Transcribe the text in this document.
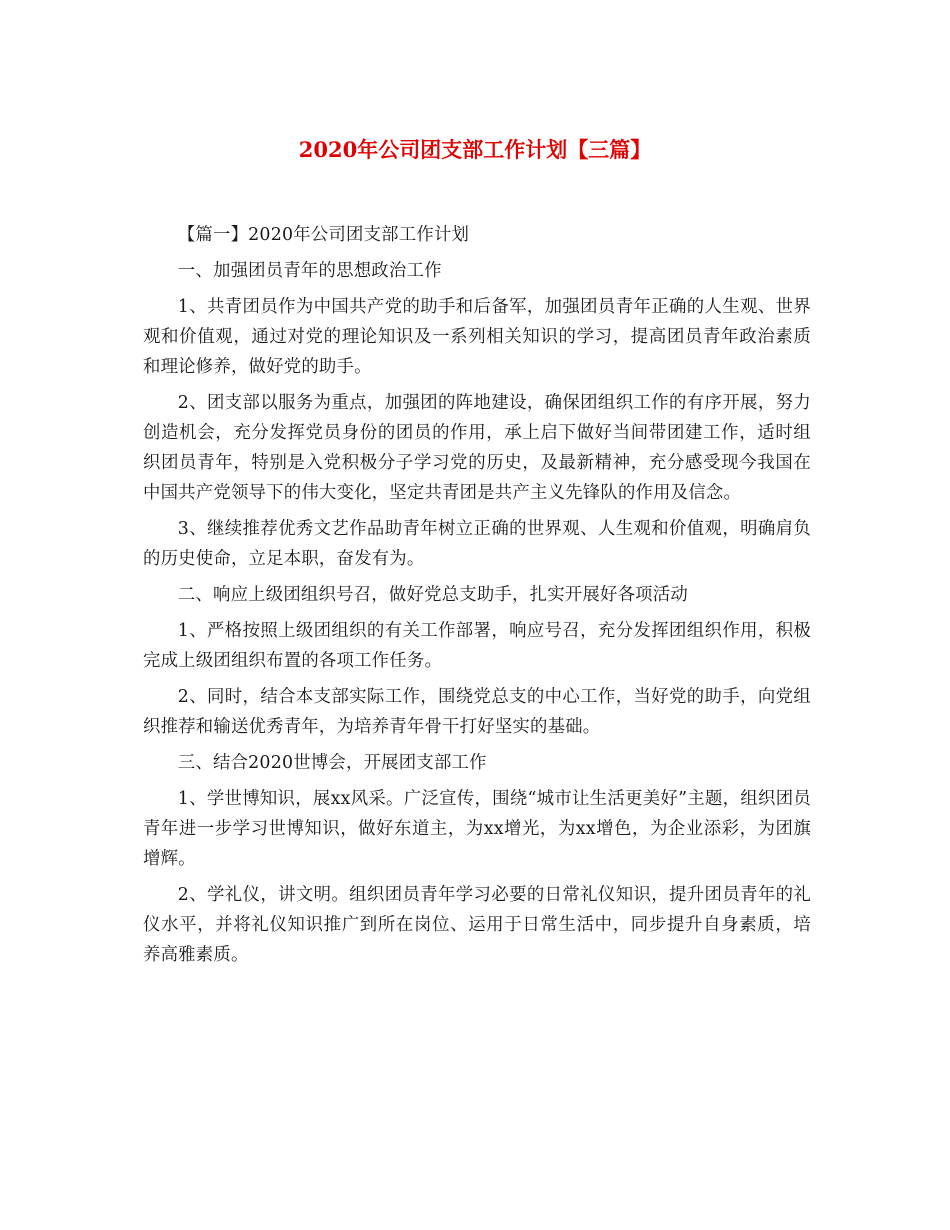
2020年公司团支部工作计划【三篇】

【篇一】2020年公司团支部工作计划

一、加强团员青年的思想政治工作

1、共青团员作为中国共产党的助手和后备军，加强团员青年正确的人生观、世界观和价值观，通过对党的理论知识及一系列相关知识的学习，提高团员青年政治素质和理论修养，做好党的助手。

2、团支部以服务为重点，加强团的阵地建设，确保团组织工作的有序开展，努力创造机会，充分发挥党员身份的团员的作用，承上启下做好当间带团建工作，适时组织团员青年，特别是入党积极分子学习党的历史，及最新精神，充分感受现今我国在中国共产党领导下的伟大变化，坚定共青团是共产主义先锋队的作用及信念。

3、继续推荐优秀文艺作品助青年树立正确的世界观、人生观和价值观，明确肩负的历史使命，立足本职，奋发有为。

二、响应上级团组织号召，做好党总支助手，扎实开展好各项活动

1、严格按照上级团组织的有关工作部署，响应号召，充分发挥团组织作用，积极完成上级团组织布置的各项工作任务。

2、同时，结合本支部实际工作，围绕党总支的中心工作，当好党的助手，向党组织推荐和输送优秀青年，为培养青年骨干打好坚实的基础。

三、结合2020世博会，开展团支部工作

1、学世博知识，展xx风采。广泛宣传，围绕“城市让生活更美好”主题，组织团员青年进一步学习世博知识，做好东道主，为xx增光，为xx增色，为企业添彩，为团旗增辉。

2、学礼仪，讲文明。组织团员青年学习必要的日常礼仪知识，提升团员青年的礼仪水平，并将礼仪知识推广到所在岗位、运用于日常生活中，同步提升自身素质，培养高雅素质。
